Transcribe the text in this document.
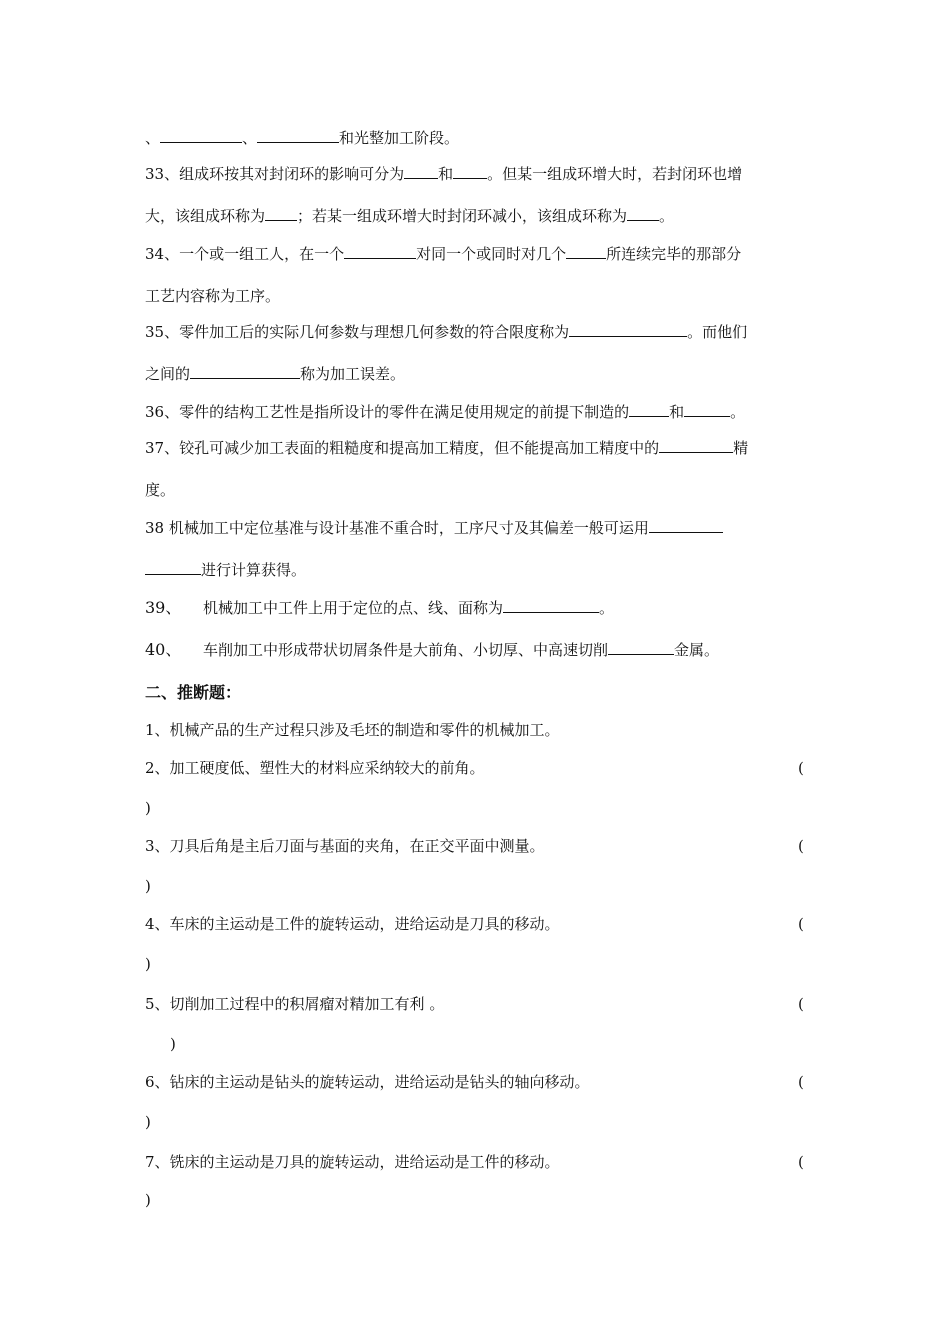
、	、	和光整加工阶段。
33、组成环按其对封闭环的影响可分为 和 。但某一组成环增大时，若封闭环也增
大，该组成环称为 ；若某一组成环增大时封闭环减小，该组成环称为 。
34、一个或一组工人，在一个	对同一个或同时对几个	所连续完毕的那部分
工艺内容称为工序。
35、零件加工后的实际几何参数与理想几何参数的符合限度称为	。而他们
之间的	称为加工误差。
36、零件的结构工艺性是指所设计的零件在满足使用规定的前提下制造的	和	。
37、铰孔可减少加工表面的粗糙度和提高加工精度，但不能提高加工精度中的	精
度。
38 机械加工中定位基准与设计基准不重合时，工序尺寸及其偏差一般可运用
进行计算获得。
39、 机械加工中工件上用于定位的点、线、面称为	。
40、 车削加工中形成带状切屑条件是大前角、小切厚、中高速切削	金属。
二、推断题：
1、机械产品的生产过程只涉及毛坯的制造和零件的机械加工。
2、加工硬度低、塑性大的材料应采纳较大的前角。	(
)
3、刀具后角是主后刀面与基面的夹角，在正交平面中测量。	(
)
4、车床的主运动是工件的旋转运动，进给运动是刀具的移动。	(
)
5、切削加工过程中的积屑瘤对精加工有利 。	(
)
6、钻床的主运动是钻头的旋转运动，进给运动是钻头的轴向移动。	(
)
7、铣床的主运动是刀具的旋转运动，进给运动是工件的移动。	(
)
